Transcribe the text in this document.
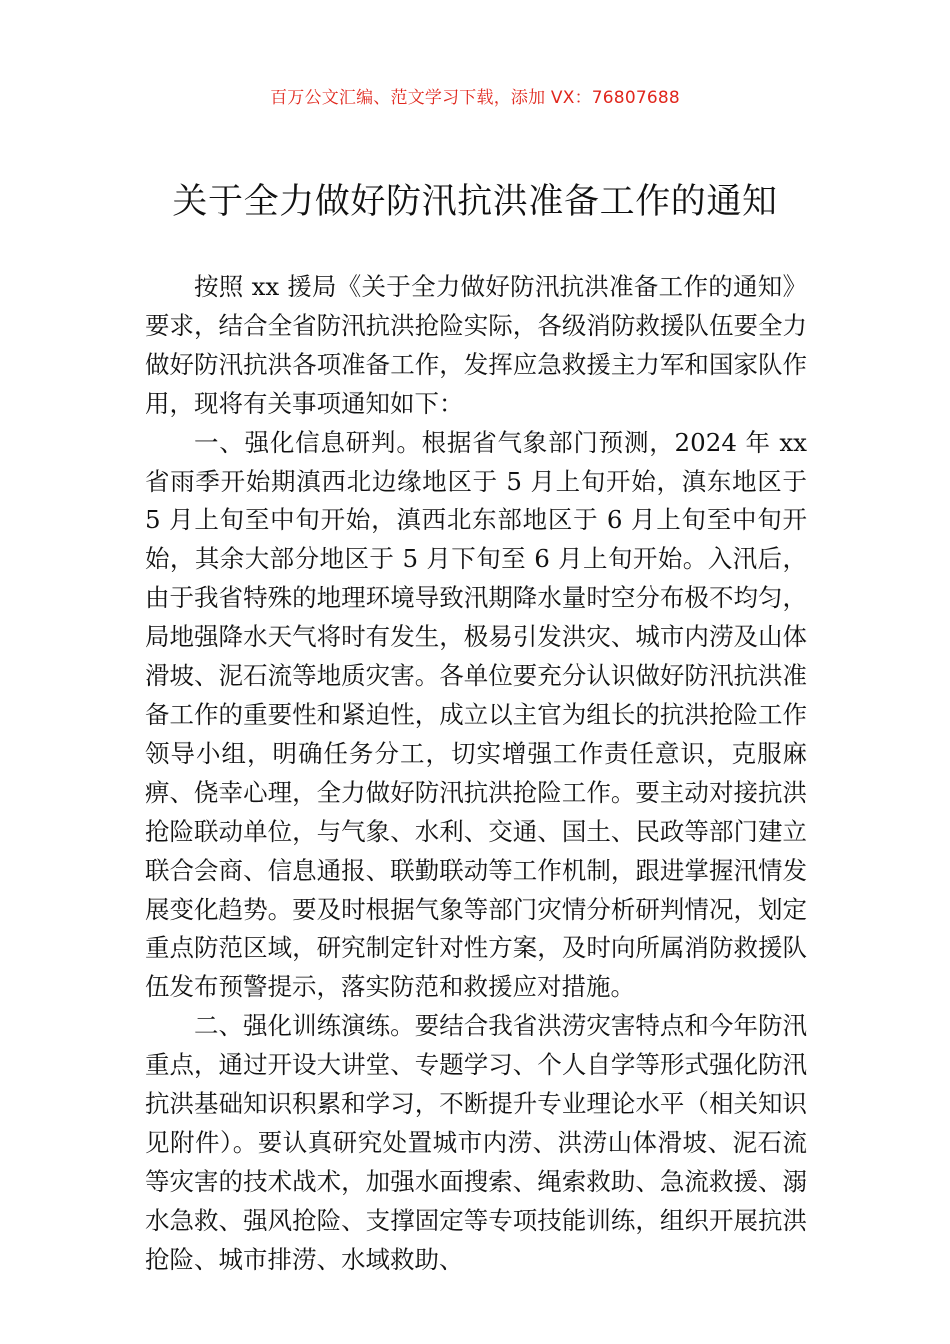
百万公文汇编、范文学习下载，添加 VX：76807688
关于全力做好防汛抗洪准备工作的通知

按照 xx 援局《关于全力做好防汛抗洪准备工作的通知》要求，结合全省防汛抗洪抢险实际，各级消防救援队伍要全力做好防汛抗洪各项准备工作，发挥应急救援主力军和国家队作用，现将有关事项通知如下：

一、强化信息研判。根据省气象部门预测，2024 年 xx 省雨季开始期滇西北边缘地区于 5 月上旬开始，滇东地区于 5 月上旬至中旬开始，滇西北东部地区于 6 月上旬至中旬开始，其余大部分地区于 5 月下旬至 6 月上旬开始。入汛后，由于我省特殊的地理环境导致汛期降水量时空分布极不均匀，局地强降水天气将时有发生，极易引发洪灾、城市内涝及山体滑坡、泥石流等地质灾害。各单位要充分认识做好防汛抗洪准备工作的重要性和紧迫性，成立以主官为组长的抗洪抢险工作领导小组，明确任务分工，切实增强工作责任意识，克服麻痹、侥幸心理，全力做好防汛抗洪抢险工作。要主动对接抗洪抢险联动单位，与气象、水利、交通、国土、民政等部门建立联合会商、信息通报、联勤联动等工作机制，跟进掌握汛情发展变化趋势。要及时根据气象等部门灾情分析研判情况，划定重点防范区域，研究制定针对性方案，及时向所属消防救援队伍发布预警提示，落实防范和救援应对措施。

二、强化训练演练。要结合我省洪涝灾害特点和今年防汛重点，通过开设大讲堂、专题学习、个人自学等形式强化防汛抗洪基础知识积累和学习，不断提升专业理论水平（相关知识见附件）。要认真研究处置城市内涝、洪涝山体滑坡、泥石流等灾害的技术战术，加强水面搜索、绳索救助、急流救援、溺水急救、强风抢险、支撑固定等专项技能训练，组织开展抗洪抢险、城市排涝、水域救助、
